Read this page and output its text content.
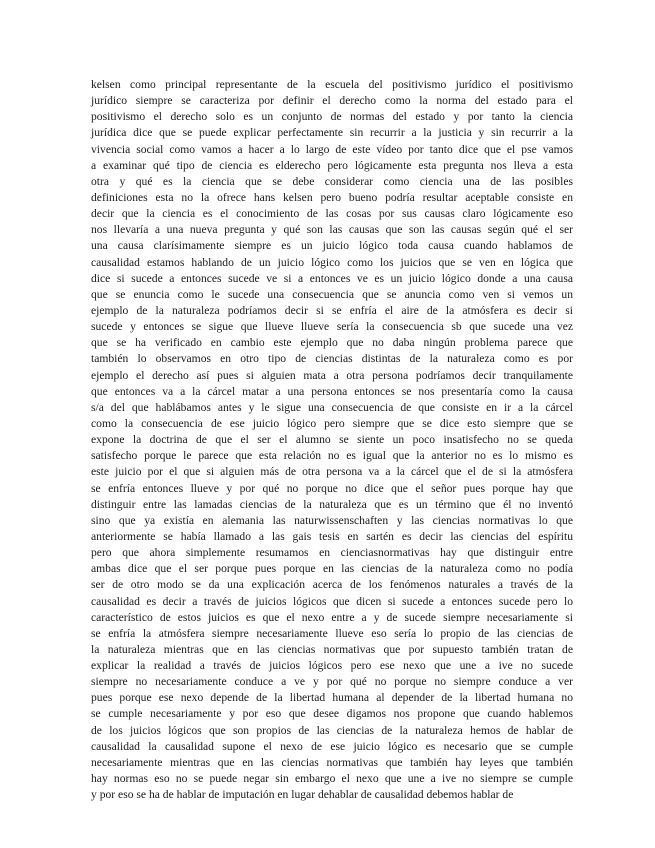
kelsen como principal representante de la escuela del positivismo jurídico el positivismo
jurídico siempre se caracteriza por definir el derecho como la norma del estado para el
positivismo el derecho solo es un conjunto de normas del estado y por tanto la ciencia
jurídica dice que se puede explicar perfectamente sin recurrir a la justicia y sin recurrir a la
vivencia social como vamos a hacer a lo largo de este vídeo por tanto dice que el pse vamos
a examinar qué tipo de ciencia es elderecho pero lógicamente esta pregunta nos lleva a esta
otra y qué es la ciencia que se debe considerar como ciencia una de las posibles
definiciones esta no la ofrece hans kelsen pero bueno podría resultar aceptable consiste en
decir que la ciencia es el conocimiento de las cosas por sus causas claro lógicamente eso
nos llevaría a una nueva pregunta y qué son las causas que son las causas según qué el ser
una causa clarísimamente siempre es un juicio lógico toda causa cuando hablamos de
causalidad estamos hablando de un juicio lógico como los juicios que se ven en lógica que
dice si sucede a entonces sucede ve si a entonces ve es un juicio lógico donde a una causa
que se enuncia como le sucede una consecuencia que se anuncia como ven si vemos un
ejemplo de la naturaleza podríamos decir si se enfría el aire de la atmósfera es decir si
sucede y entonces se sigue que llueve llueve sería la consecuencia sb que sucede una vez
que se ha verificado en cambio este ejemplo que no daba ningún problema parece que
también lo observamos en otro tipo de ciencias distintas de la naturaleza como es por
ejemplo el derecho así pues si alguien mata a otra persona podríamos decir tranquilamente
que entonces va a la cárcel matar a una persona entonces se nos presentaría como la causa
s/a del que hablábamos antes y le sigue una consecuencia de que consiste en ir a la cárcel
como la consecuencia de ese juicio lógico pero siempre que se dice esto siempre que se
expone la doctrina de que el ser el alumno se siente un poco insatisfecho no se queda
satisfecho porque le parece que esta relación no es igual que la anterior no es lo mismo es
este juicio por el que si alguien más de otra persona va a la cárcel que el de si la atmósfera
se enfría entonces llueve y por qué no porque no dice que el señor pues porque hay que
distinguir entre las lamadas ciencias de la naturaleza que es un término que él no inventó
sino que ya existía en alemania las naturwissenschaften y las ciencias normativas lo que
anteriormente se había llamado a las gais tesis en sartén es decir las ciencias del espíritu
pero que ahora simplemente resumamos en cienciasnormativas hay que distinguir entre
ambas dice que el ser porque pues porque en las ciencias de la naturaleza como no podía
ser de otro modo se da una explicación acerca de los fenómenos naturales a través de la
causalidad es decir a través de juicios lógicos que dicen si sucede a entonces sucede pero lo
característico de estos juicios es que el nexo entre a y de sucede siempre necesariamente si
se enfría la atmósfera siempre necesariamente llueve eso sería lo propio de las ciencias de
la naturaleza mientras que en las ciencias normativas que por supuesto también tratan de
explicar la realidad a través de juicios lógicos pero ese nexo que une a ive no sucede
siempre no necesariamente conduce a ve y por qué no porque no siempre conduce a ver
pues porque ese nexo depende de la libertad humana al depender de la libertad humana no
se cumple necesariamente y por eso que desee digamos nos propone que cuando hablemos
de los juicios lógicos que son propios de las ciencias de la naturaleza hemos de hablar de
causalidad la causalidad supone el nexo de ese juicio lógico es necesario que se cumple
necesariamente mientras que en las ciencias normativas que también hay leyes que también
hay normas eso no se puede negar sin embargo el nexo que une a ive no siempre se cumple
y por eso se ha de hablar de imputación en lugar dehablar de causalidad debemos hablar de
